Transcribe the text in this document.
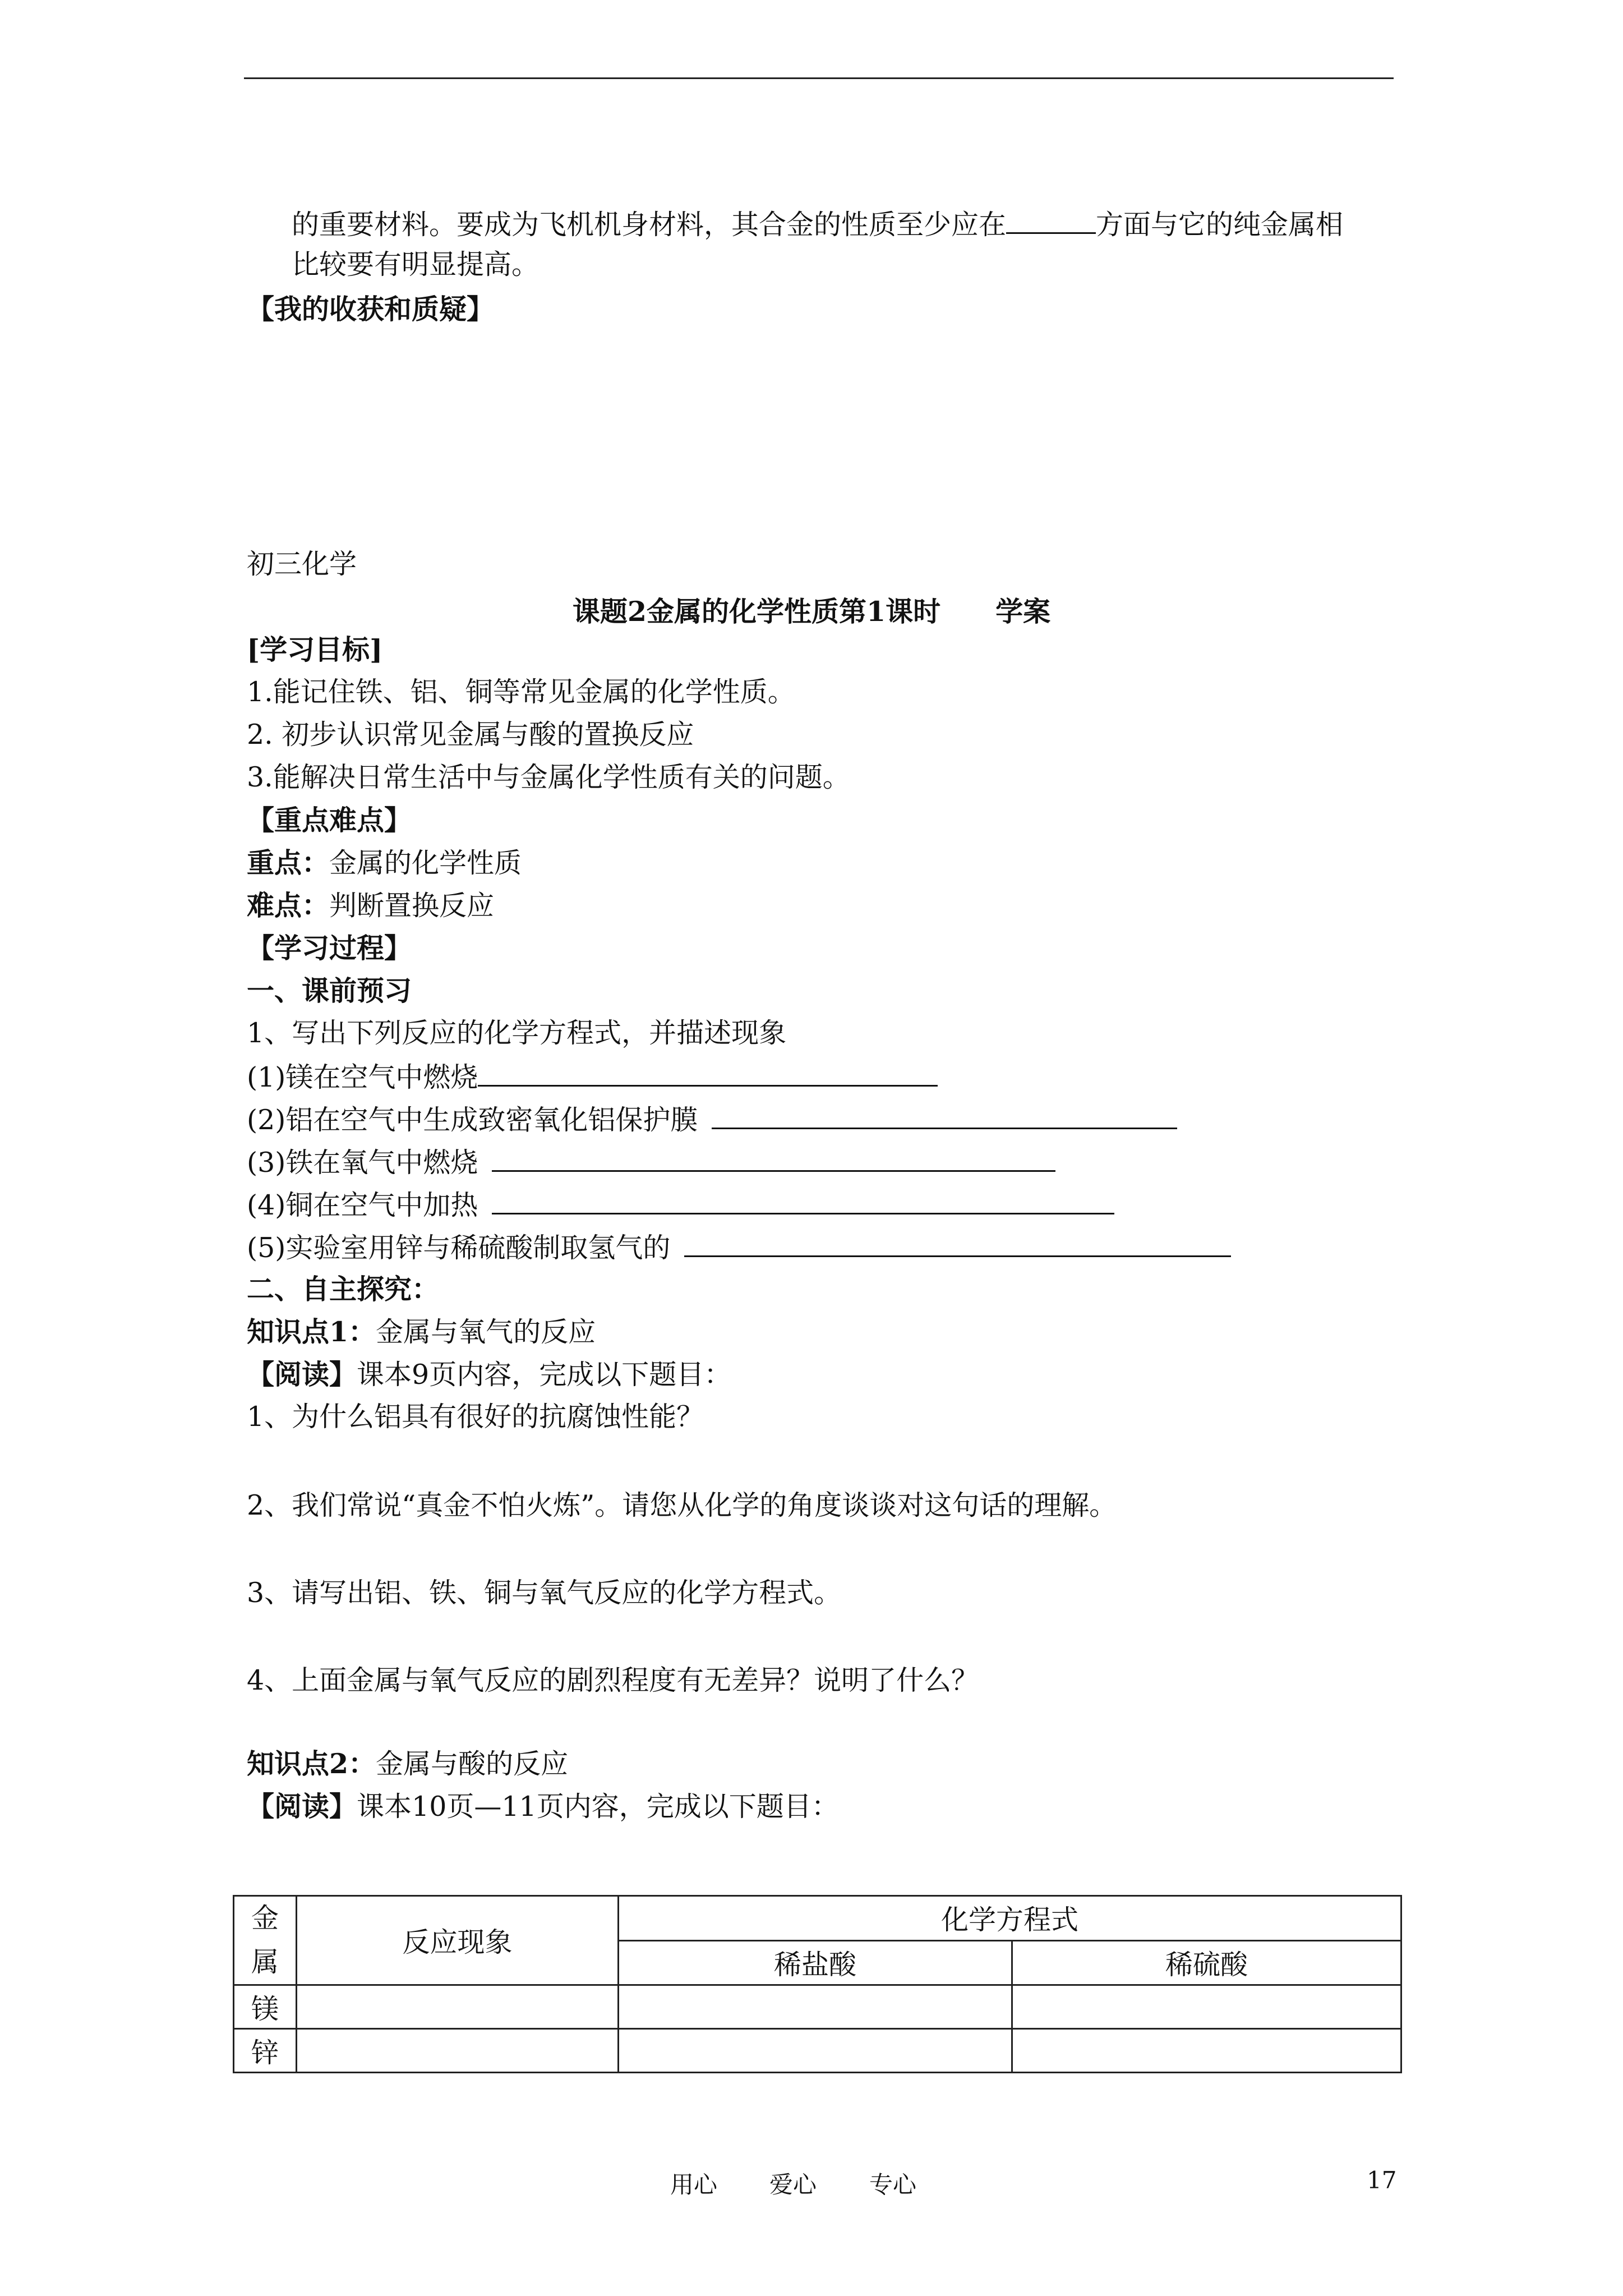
的重要材料。要成为飞机机身材料，其合金的性质至少应在	方面与它的纯金属相
比较要有明显提高。
【我的收获和质疑】
初三化学
课题2金属的化学性质第1课时　　学案
[学习目标]
1.能记住铁、铝、铜等常见金属的化学性质。
2. 初步认识常见金属与酸的置换反应
3.能解决日常生活中与金属化学性质有关的问题。
【重点难点】
重点：金属的化学性质
难点：判断置换反应
【学习过程】
一、课前预习
1、写出下列反应的化学方程式，并描述现象
(1)镁在空气中燃烧
(2)铝在空气中生成致密氧化铝保护膜
(3)铁在氧气中燃烧
(4)铜在空气中加热
(5)实验室用锌与稀硫酸制取氢气的
二、自主探究：
知识点1：金属与氧气的反应
【阅读】课本9页内容，完成以下题目：
1、为什么铝具有很好的抗腐蚀性能？
2、我们常说“真金不怕火炼”。请您从化学的角度谈谈对这句话的理解。
3、请写出铝、铁、铜与氧气反应的化学方程式。
4、上面金属与氧气反应的剧烈程度有无差异？说明了什么？
知识点2：金属与酸的反应
【阅读】课本10页—11页内容，完成以下题目：
金
属	反应现象	化学方程式	
		稀盐酸	稀硫酸
镁			
锌			
用心 爱心 专心	17
